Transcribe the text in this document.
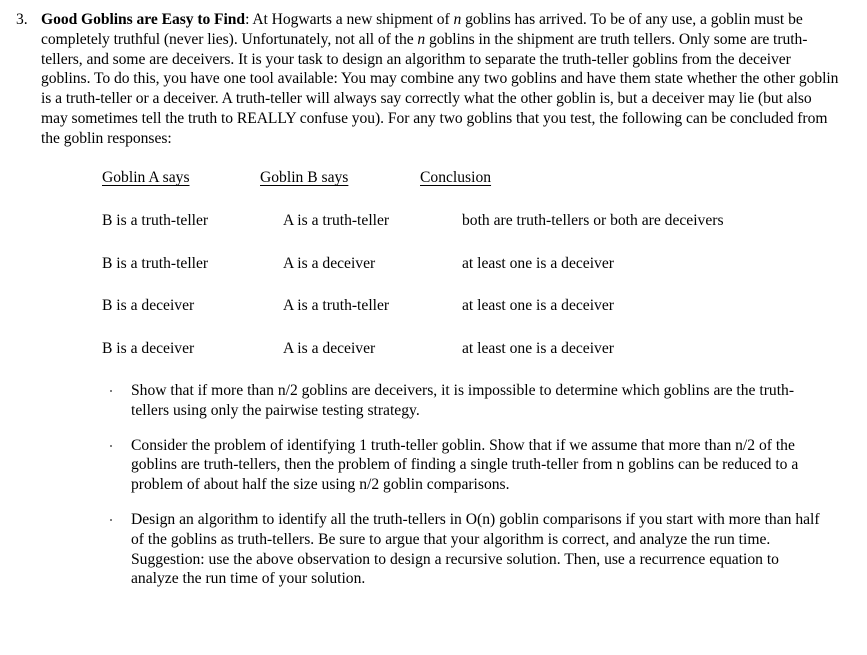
3. Good Goblins are Easy to Find: At Hogwarts a new shipment of n goblins has arrived. To be of any use, a goblin must be completely truthful (never lies). Unfortunately, not all of the n goblins in the shipment are truth tellers. Only some are truth-tellers, and some are deceivers. It is your task to design an algorithm to separate the truth-teller goblins from the deceiver goblins. To do this, you have one tool available: You may combine any two goblins and have them state whether the other goblin is a truth-teller or a deceiver. A truth-teller will always say correctly what the other goblin is, but a deceiver may lie (but also may sometimes tell the truth to REALLY confuse you). For any two goblins that you test, the following can be concluded from the goblin responses:
Goblin A says	Goblin B says	Conclusion
B is a truth-teller	A is a truth-teller	both are truth-tellers or both are deceivers
B is a truth-teller	A is a deceiver	at least one is a deceiver
B is a deceiver	A is a truth-teller	at least one is a deceiver
B is a deceiver	A is a deceiver	at least one is a deceiver
Show that if more than n/2 goblins are deceivers, it is impossible to determine which goblins are the truth-tellers using only the pairwise testing strategy.
Consider the problem of identifying 1 truth-teller goblin. Show that if we assume that more than n/2 of the goblins are truth-tellers, then the problem of finding a single truth-teller from n goblins can be reduced to a problem of about half the size using n/2 goblin comparisons.
Design an algorithm to identify all the truth-tellers in O(n) goblin comparisons if you start with more than half of the goblins as truth-tellers. Be sure to argue that your algorithm is correct, and analyze the run time. Suggestion: use the above observation to design a recursive solution. Then, use a recurrence equation to analyze the run time of your solution.
